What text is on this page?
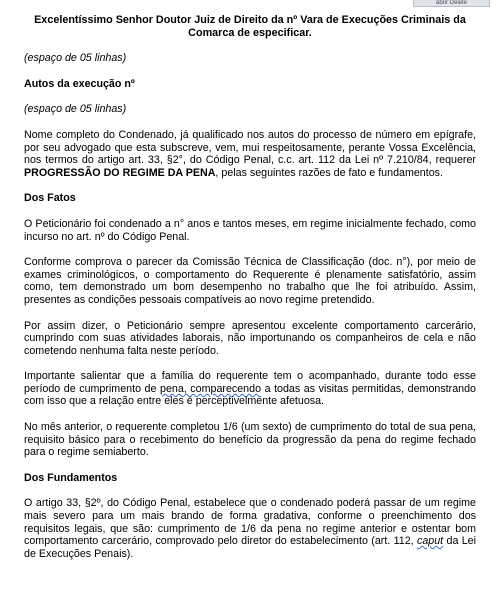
abrir Delete

Excelentíssimo Senhor Doutor Juiz de Direito da nº Vara de Execuções Criminais da Comarca de especificar.

(espaço de 05 linhas)

Autos da execução nº

(espaço de 05 linhas)

Nome completo do Condenado, já qualificado nos autos do processo de número em epígrafe, por seu advogado que esta subscreve, vem, mui respeitosamente, perante Vossa Excelência, nos termos do artigo art. 33, §2°, do Código Penal, c.c. art. 112 da Lei nº 7.210/84, requerer PROGRESSÃO DO REGIME DA PENA, pelas seguintes razões de fato e fundamentos.

Dos Fatos

O Peticionário foi condenado a n° anos e tantos meses, em regime inicialmente fechado, como incurso no art. nº do Código Penal.

Conforme comprova o parecer da Comissão Técnica de Classificação (doc. n°), por meio de exames criminológicos, o comportamento do Requerente é plenamente satisfatório, assim como, tem demonstrado um bom desempenho no trabalho que lhe foi atribuído. Assim, presentes as condições pessoais compatíveis ao novo regime pretendido.

Por assim dizer, o Peticionário sempre apresentou excelente comportamento carcerário, cumprindo com suas atividades laborais, não importunando os companheiros de cela e não cometendo nenhuma falta neste período.

Importante salientar que a família do requerente tem o acompanhado, durante todo esse período de cumprimento de pena, comparecendo a todas as visitas permitidas, demonstrando com isso que a relação entre eles é perceptivelmente afetuosa.

No mês anterior, o requerente completou 1/6 (um sexto) de cumprimento do total de sua pena, requisito básico para o recebimento do benefício da progressão da pena do regime fechado para o regime semiaberto.

Dos Fundamentos

O artigo 33, §2º, do Código Penal, estabelece que o condenado poderá passar de um regime mais severo para um mais brando de forma gradativa, conforme o preenchimento dos requisitos legais, que são: cumprimento de 1/6 da pena no regime anterior e ostentar bom comportamento carcerário, comprovado pelo diretor do estabelecimento (art. 112, caput da Lei de Execuções Penais).
